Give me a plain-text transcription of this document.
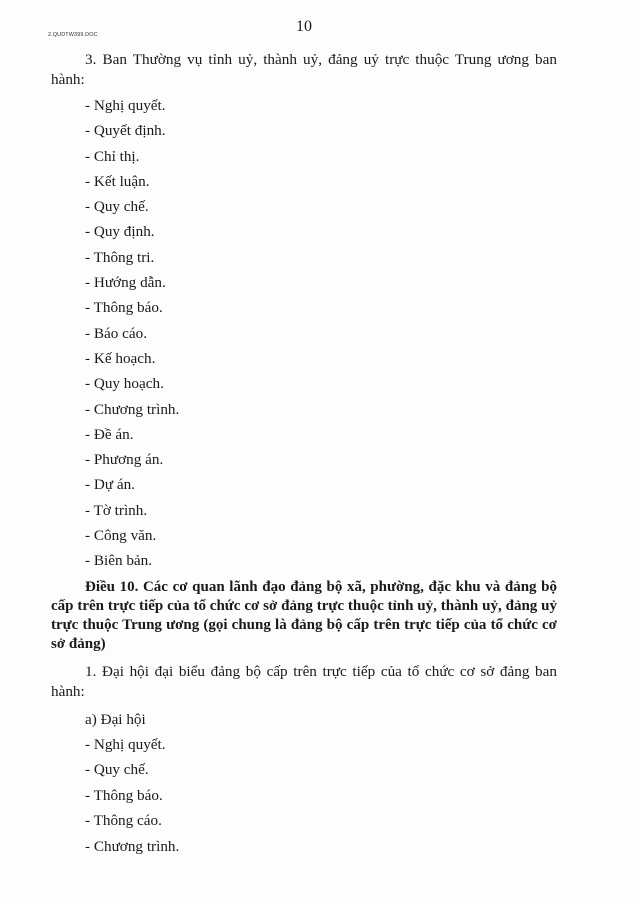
2.QUDTW399.DOC	10

3. Ban Thường vụ tỉnh uỷ, thành uỷ, đảng uỷ trực thuộc Trung ương ban hành:

- Nghị quyết.
- Quyết định.
- Chỉ thị.
- Kết luận.
- Quy chế.
- Quy định.
- Thông tri.
- Hướng dẫn.
- Thông báo.
- Báo cáo.
- Kế hoạch.
- Quy hoạch.
- Chương trình.
- Đề án.
- Phương án.
- Dự án.
- Tờ trình.
- Công văn.
- Biên bản.

Điều 10. Các cơ quan lãnh đạo đảng bộ xã, phường, đặc khu và đảng bộ cấp trên trực tiếp của tổ chức cơ sở đảng trực thuộc tỉnh uỷ, thành uỷ, đảng uỷ trực thuộc Trung ương (gọi chung là đảng bộ cấp trên trực tiếp của tổ chức cơ sở đảng)

1. Đại hội đại biểu đảng bộ cấp trên trực tiếp của tổ chức cơ sở đảng ban hành:

a) Đại hội

- Nghị quyết.
- Quy chế.
- Thông báo.
- Thông cáo.
- Chương trình.
